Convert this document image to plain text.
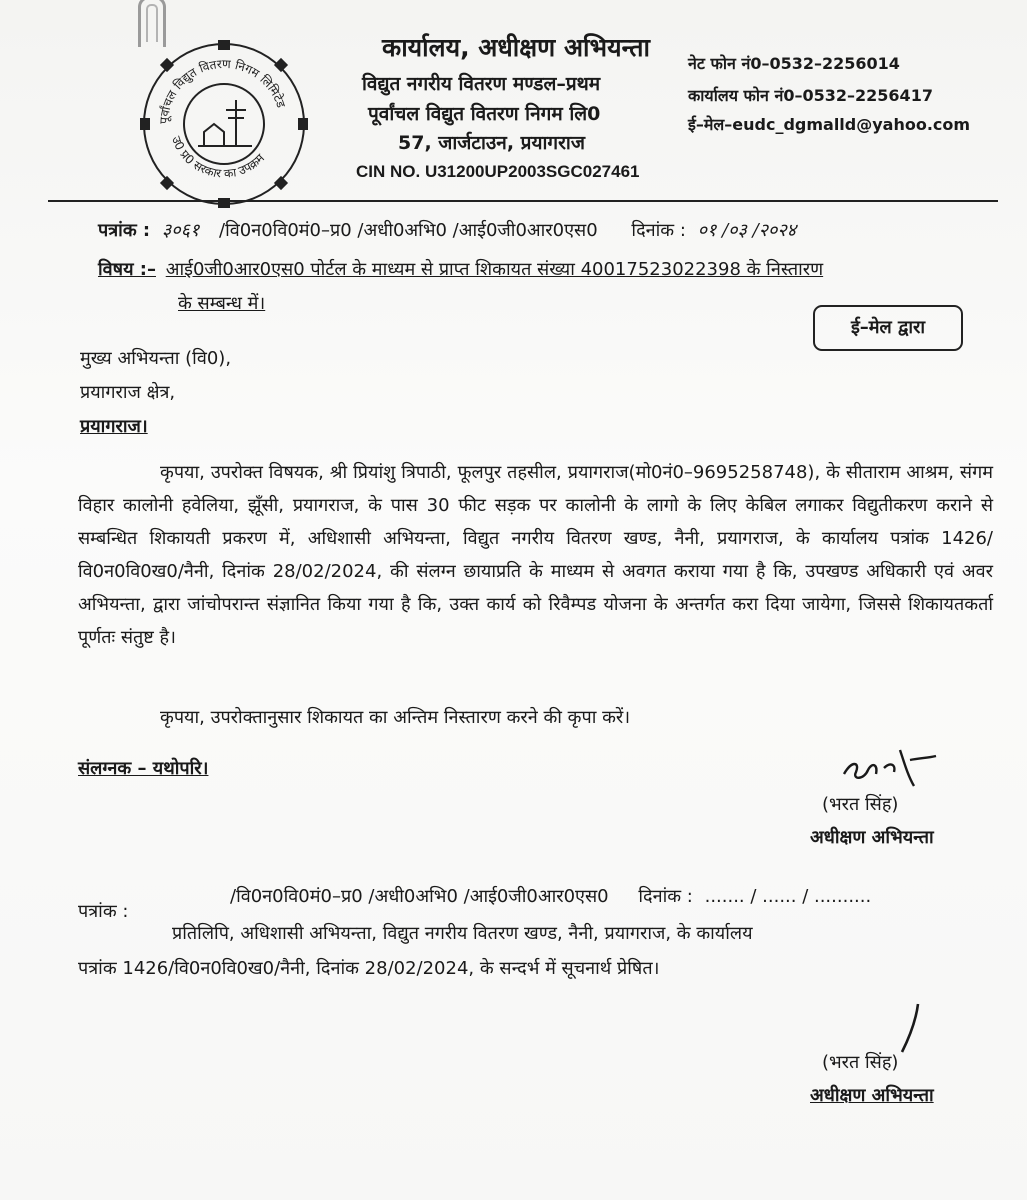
पूर्वांचल विद्युत वितरण निगम लिमिटेड
उ0 प्र0 सरकार का उपक्रम
कार्यालय, अधीक्षण अभियन्ता
विद्युत नगरीय वितरण मण्डल–प्रथम
पूर्वांचल विद्युत वितरण निगम लि0
57, जार्जटाउन, प्रयागराज
CIN NO. U31200UP2003SGC027461
नेट फोन नं0–0532–2256014
कार्यालय फोन नं0–0532–2256417
ई–मेल–eudc_dgmalld@yahoo.com
पत्रांक : ३०६१ /वि0न0वि0मं0–प्र0 /अधी0अभि0 /आई0जी0आर0एस0 दिनांक : ०१ /०३ /२०२४
विषय :– आई0जी0आर0एस0 पोर्टल के माध्यम से प्राप्त शिकायत संख्या 40017523022398 के निस्तारण
के सम्बन्ध में।
ई–मेल द्वारा
मुख्य अभियन्ता (वि0),
प्रयागराज क्षेत्र,
प्रयागराज।
कृपया, उपरोक्त विषयक, श्री प्रियांशु त्रिपाठी, फूलपुर तहसील, प्रयागराज(मो0नं0–9695258748), के सीताराम आश्रम, संगम विहार कालोनी हवेलिया, झूँसी, प्रयागराज, के पास 30 फीट सड़क पर कालोनी के लागो के लिए केबिल लगाकर विद्युतीकरण कराने से सम्बन्धित शिकायती प्रकरण में, अधिशासी अभियन्ता, विद्युत नगरीय वितरण खण्ड, नैनी, प्रयागराज, के कार्यालय पत्रांक 1426/ वि0न0वि0ख0/नैनी, दिनांक 28/02/2024, की संलग्न छायाप्रति के माध्यम से अवगत कराया गया है कि, उपखण्ड अधिकारी एवं अवर अभियन्ता, द्वारा जांचोपरान्त संज्ञानित किया गया है कि, उक्त कार्य को रिवैम्पड योजना के अन्तर्गत करा दिया जायेगा, जिससे शिकायतकर्ता पूर्णतः संतुष्ट है।
कृपया, उपरोक्तानुसार शिकायत का अन्तिम निस्तारण करने की कृपा करें।
संलग्नक – यथोपरि।
(भरत सिंह)
अधीक्षण अभियन्ता
पत्रांक :
/वि0न0वि0मं0–प्र0 /अधी0अभि0 /आई0जी0आर0एस0 दिनांक : ....... / ...... / ..........
प्रतिलिपि, अधिशासी अभियन्ता, विद्युत नगरीय वितरण खण्ड, नैनी, प्रयागराज, के कार्यालय
पत्रांक 1426/वि0न0वि0ख0/नैनी, दिनांक 28/02/2024, के सन्दर्भ में सूचनार्थ प्रेषित।
(भरत सिंह)
अधीक्षण अभियन्ता
